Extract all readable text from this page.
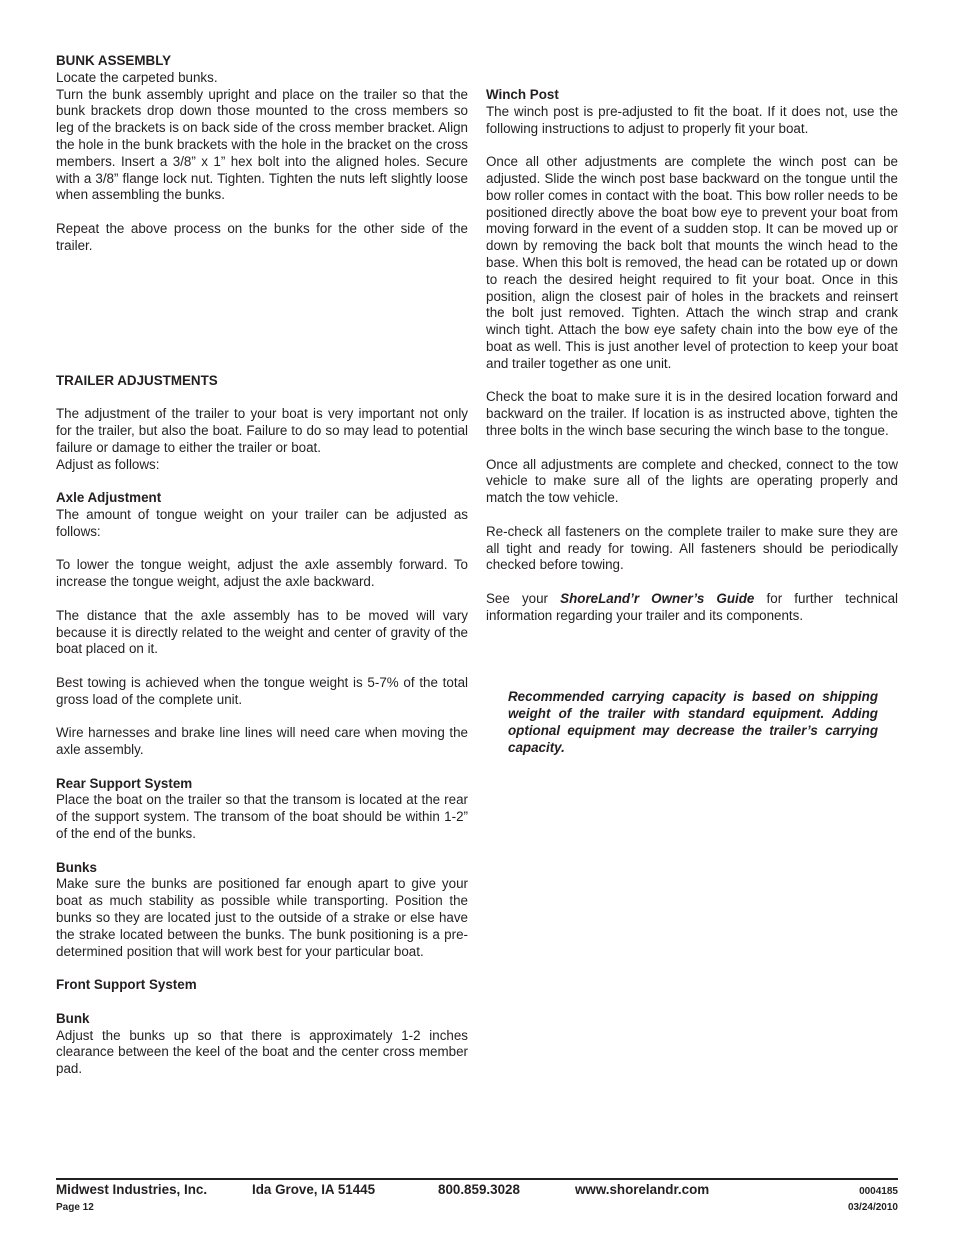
BUNK ASSEMBLY

Locate the carpeted bunks.

Turn the bunk assembly upright and place on the trailer so that the bunk brackets drop down those mounted to the cross members so leg of the brackets is on back side of the cross member bracket. Align the hole in the bunk brackets with the hole in the bracket on the cross members. Insert a 3/8” x 1” hex bolt into the aligned holes. Secure with a 3/8” flange lock nut. Tighten. Tighten the nuts left slightly loose when assembling the bunks.

Repeat the above process on the bunks for the other side of the trailer.

TRAILER ADJUSTMENTS

The adjustment of the trailer to your boat is very important not only for the trailer, but also the boat. Failure to do so may lead to potential failure or damage to either the trailer or boat.

Adjust as follows:

Axle Adjustment

The amount of tongue weight on your trailer can be adjusted as follows:

To lower the tongue weight, adjust the axle assembly forward. To increase the tongue weight, adjust the axle backward.

The distance that the axle assembly has to be moved will vary because it is directly related to the weight and center of gravity of the boat placed on it.

Best towing is achieved when the tongue weight is 5-7% of the total gross load of the complete unit.

Wire harnesses and brake line lines will need care when moving the axle assembly.

Rear Support System

Place the boat on the trailer so that the transom is located at the rear of the support system. The transom of the boat should be within 1-2” of the end of the bunks.

Bunks

Make sure the bunks are positioned far enough apart to give your boat as much stability as possible while transporting. Position the bunks so they are located just to the outside of a strake or else have the strake located between the bunks. The bunk positioning is a pre-determined position that will work best for your particular boat.

Front Support System

Bunk

Adjust the bunks up so that there is approximately 1-2 inches clearance between the keel of the boat and the center cross member pad.

Winch Post

The winch post is pre-adjusted to fit the boat. If it does not, use the following instructions to adjust to properly fit your boat.

Once all other adjustments are complete the winch post can be adjusted. Slide the winch post base backward on the tongue until the bow roller comes in contact with the boat. This bow roller needs to be positioned directly above the boat bow eye to prevent your boat from moving forward in the event of a sudden stop. It can be moved up or down by removing the back bolt that mounts the winch head to the base. When this bolt is removed, the head can be rotated up or down to reach the desired height required to fit your boat. Once in this position, align the closest pair of holes in the brackets and reinsert the bolt just removed. Tighten. Attach the winch strap and crank winch tight. Attach the bow eye safety chain into the bow eye of the boat as well. This is just another level of protection to keep your boat and trailer together as one unit.

Check the boat to make sure it is in the desired location forward and backward on the trailer. If location is as instructed above, tighten the three bolts in the winch base securing the winch base to the tongue.

Once all adjustments are complete and checked, connect to the tow vehicle to make sure all of the lights are operating properly and match the tow vehicle.

Re-check all fasteners on the complete trailer to make sure they are all tight and ready for towing. All fasteners should be periodically checked before towing.

See your ShoreLand’r Owner’s Guide for further technical information regarding your trailer and its components.

Recommended carrying capacity is based on shipping weight of the trailer with standard equipment. Adding optional equipment may decrease the trailer’s carrying capacity.

Midwest Industries, Inc.	Ida Grove, IA 51445	800.859.3028	www.shorelandr.com	0004185
Page 12	03/24/2010
